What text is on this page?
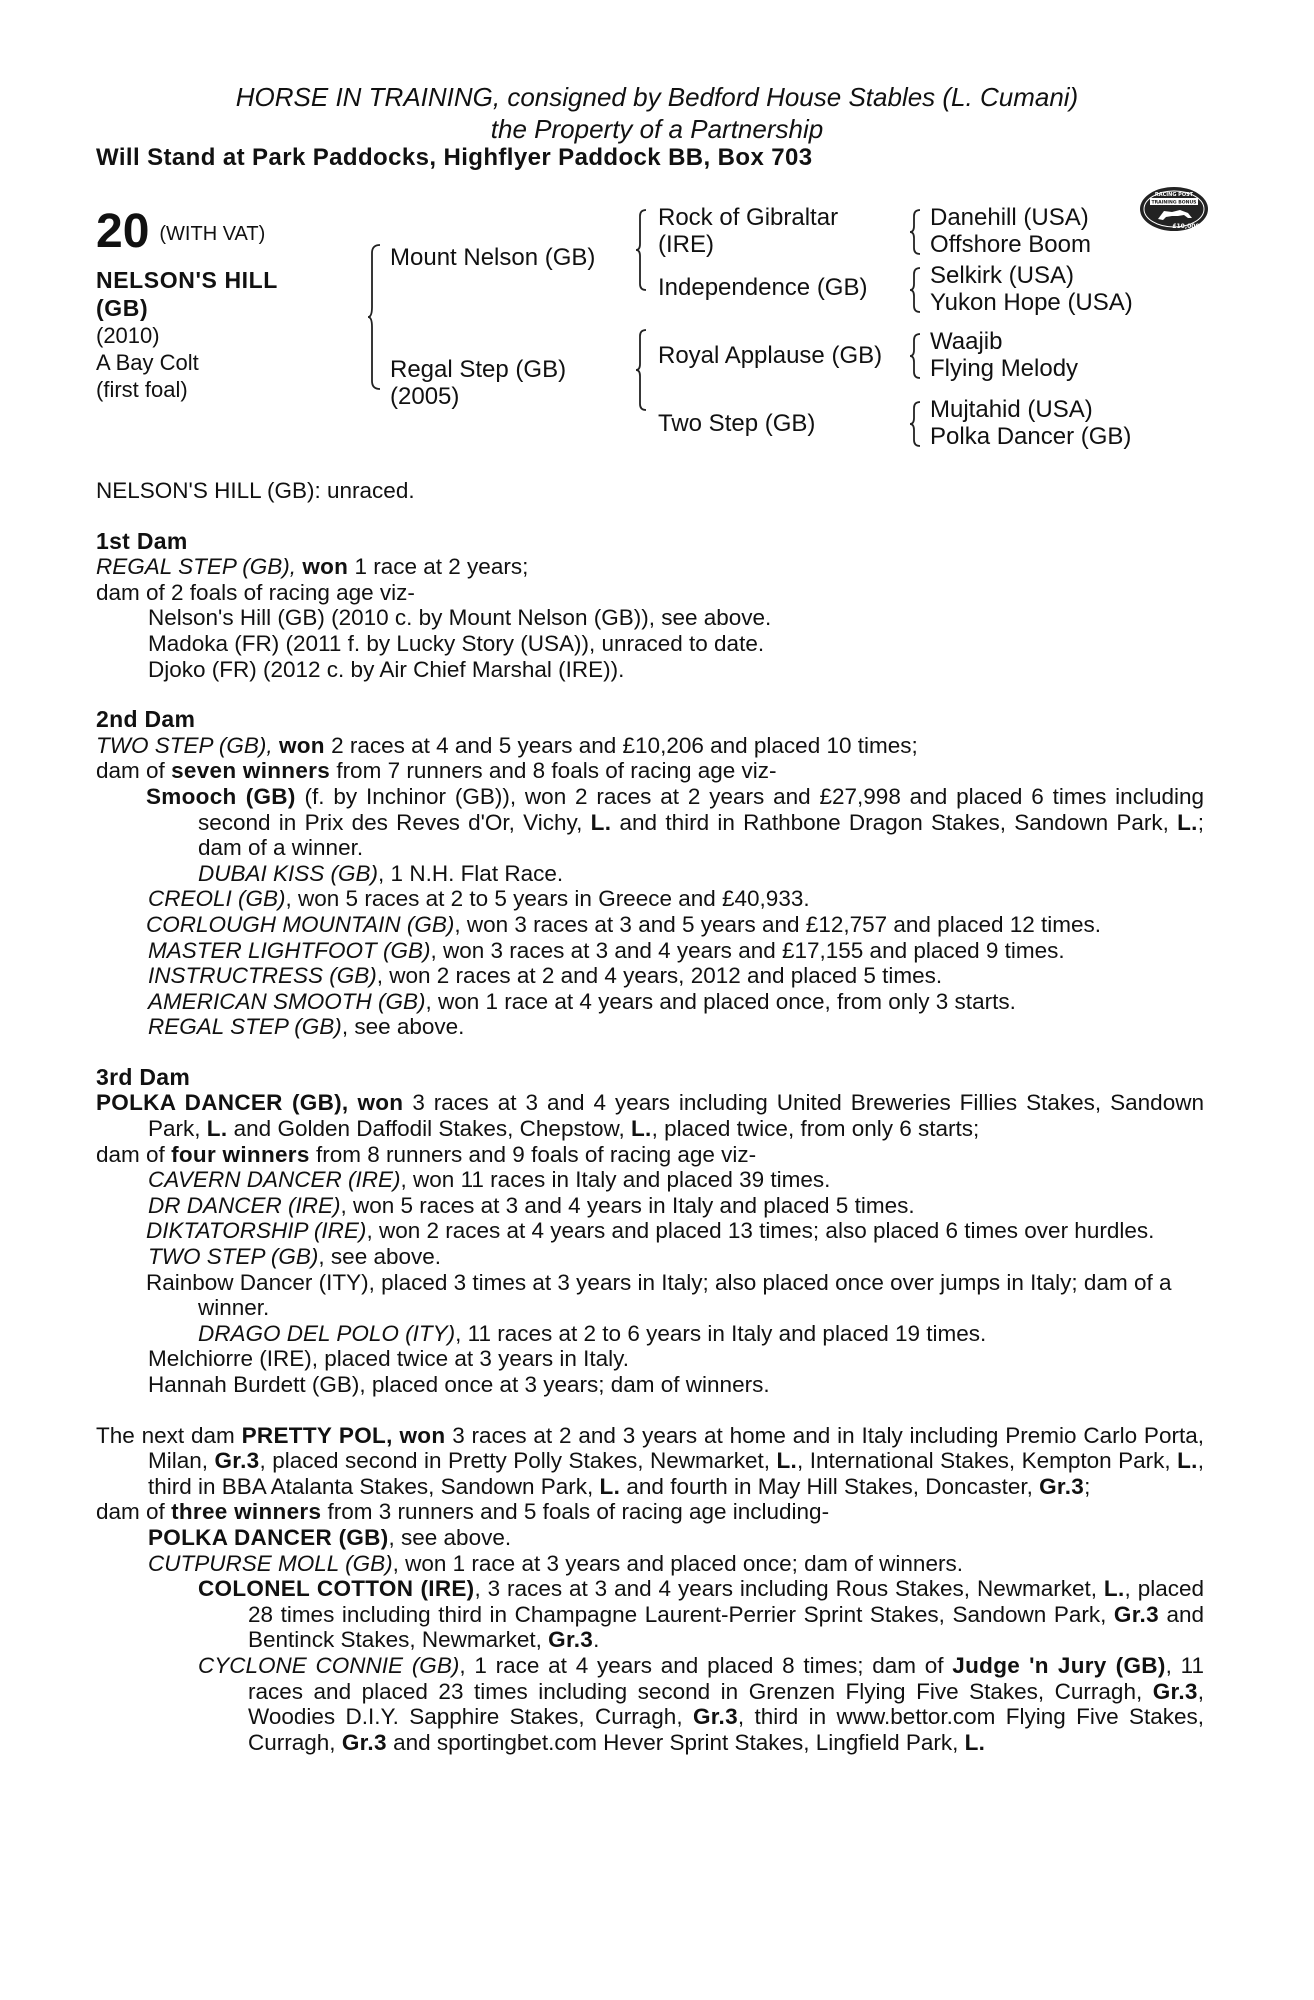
HORSE IN TRAINING, consigned by Bedford House Stables (L. Cumani)
the Property of a Partnership
Will Stand at Park Paddocks, Highflyer Paddock BB, Box 703
RACING POST
TRAINING BONUS
£10,000
20 (WITH VAT)
NELSON'S HILL
(GB)
(2010)
A Bay Colt
(first foal)
Mount Nelson (GB)
Regal Step (GB)
(2005)
Rock of Gibraltar
(IRE)
Independence (GB)
Royal Applause (GB)
Two Step (GB)
Danehill (USA)
Offshore Boom
Selkirk (USA)
Yukon Hope (USA)
Waajib
Flying Melody
Mujtahid (USA)
Polka Dancer (GB)

NELSON'S HILL (GB): unraced.

1st Dam

REGAL STEP (GB), won 1 race at 2 years;

dam of 2 foals of racing age viz-

Nelson's Hill (GB) (2010 c. by Mount Nelson (GB)), see above.

Madoka (FR) (2011 f. by Lucky Story (USA)), unraced to date.

Djoko (FR) (2012 c. by Air Chief Marshal (IRE)).

2nd Dam

TWO STEP (GB), won 2 races at 4 and 5 years and £10,206 and placed 10 times;

dam of seven winners from 7 runners and 8 foals of racing age viz-

Smooch (GB) (f. by Inchinor (GB)), won 2 races at 2 years and £27,998 and placed 6 times including second in Prix des Reves d'Or, Vichy, L. and third in Rathbone Dragon Stakes, Sandown Park, L.; dam of a winner.

DUBAI KISS (GB), 1 N.H. Flat Race.

CREOLI (GB), won 5 races at 2 to 5 years in Greece and £40,933.

CORLOUGH MOUNTAIN (GB), won 3 races at 3 and 5 years and £12,757 and placed 12 times.

MASTER LIGHTFOOT (GB), won 3 races at 3 and 4 years and £17,155 and placed 9 times.

INSTRUCTRESS (GB), won 2 races at 2 and 4 years, 2012 and placed 5 times.

AMERICAN SMOOTH (GB), won 1 race at 4 years and placed once, from only 3 starts.

REGAL STEP (GB), see above.

3rd Dam

POLKA DANCER (GB), won 3 races at 3 and 4 years including United Breweries Fillies Stakes, Sandown Park, L. and Golden Daffodil Stakes, Chepstow, L., placed twice, from only 6 starts;

dam of four winners from 8 runners and 9 foals of racing age viz-

CAVERN DANCER (IRE), won 11 races in Italy and placed 39 times.

DR DANCER (IRE), won 5 races at 3 and 4 years in Italy and placed 5 times.

DIKTATORSHIP (IRE), won 2 races at 4 years and placed 13 times; also placed 6 times over hurdles.

TWO STEP (GB), see above.

Rainbow Dancer (ITY), placed 3 times at 3 years in Italy; also placed once over jumps in Italy; dam of a winner.

DRAGO DEL POLO (ITY), 11 races at 2 to 6 years in Italy and placed 19 times.

Melchiorre (IRE), placed twice at 3 years in Italy.

Hannah Burdett (GB), placed once at 3 years; dam of winners.

The next dam PRETTY POL, won 3 races at 2 and 3 years at home and in Italy including Premio Carlo Porta, Milan, Gr.3, placed second in Pretty Polly Stakes, Newmarket, L., International Stakes, Kempton Park, L., third in BBA Atalanta Stakes, Sandown Park, L. and fourth in May Hill Stakes, Doncaster, Gr.3;

dam of three winners from 3 runners and 5 foals of racing age including-

POLKA DANCER (GB), see above.

CUTPURSE MOLL (GB), won 1 race at 3 years and placed once; dam of winners.

COLONEL COTTON (IRE), 3 races at 3 and 4 years including Rous Stakes, Newmarket, L., placed 28 times including third in Champagne Laurent-Perrier Sprint Stakes, Sandown Park, Gr.3 and Bentinck Stakes, Newmarket, Gr.3.

CYCLONE CONNIE (GB), 1 race at 4 years and placed 8 times; dam of Judge 'n Jury (GB), 11 races and placed 23 times including second in Grenzen Flying Five Stakes, Curragh, Gr.3, Woodies D.I.Y. Sapphire Stakes, Curragh, Gr.3, third in www.bettor.com Flying Five Stakes, Curragh, Gr.3 and sportingbet.com Hever Sprint Stakes, Lingfield Park, L.
